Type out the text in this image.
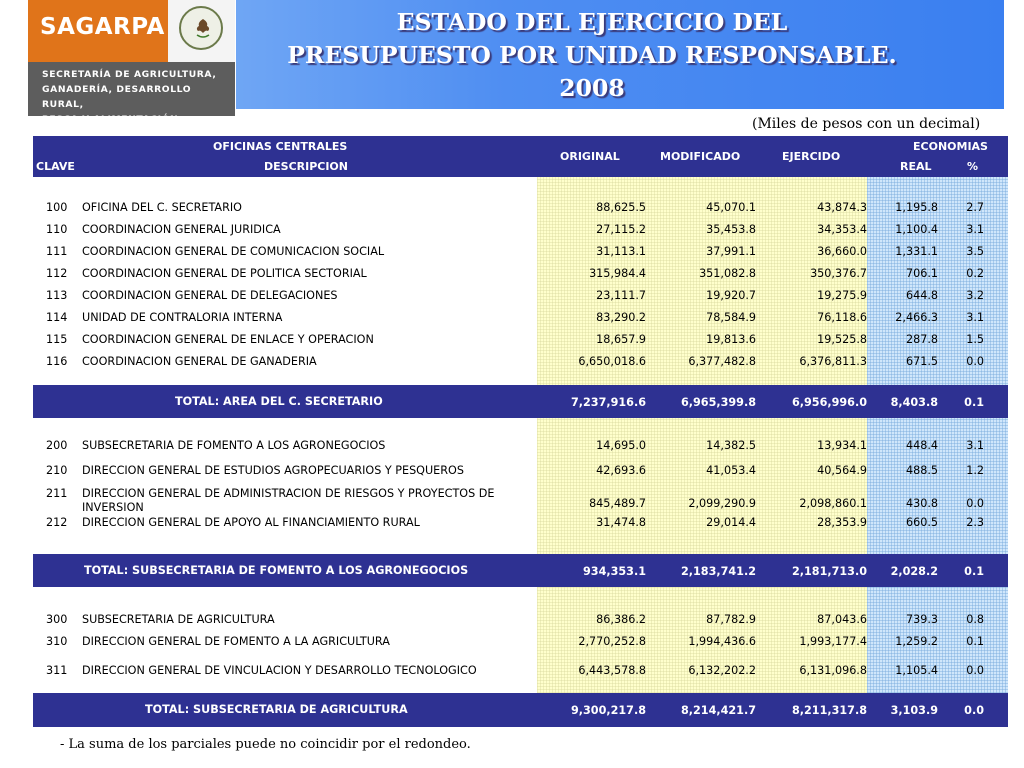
SAGARPA
SECRETARÍA DE AGRICULTURA,
GANADERÍA, DESARROLLO RURAL,
PESCA Y ALIMENTACIÓN
ESTADO DEL EJERCICIO DEL
PRESUPUESTO POR UNIDAD RESPONSABLE.
2008
(Miles de pesos con un decimal)
OFICINAS CENTRALES
CLAVE	DESCRIPCION
ORIGINAL	MODIFICADO	EJERCIDO
ECONOMIAS
REAL	%
100 OFICINA DEL C. SECRETARIO	88,625.5	45,070.1	43,874.3	1,195.8	2.7
110 COORDINACION GENERAL JURIDICA	27,115.2	35,453.8	34,353.4	1,100.4	3.1
111 COORDINACION GENERAL DE COMUNICACION SOCIAL	31,113.1	37,991.1	36,660.0	1,331.1	3.5
112 COORDINACION GENERAL DE POLITICA SECTORIAL	315,984.4	351,082.8	350,376.7	706.1	0.2
113 COORDINACION GENERAL DE DELEGACIONES	23,111.7	19,920.7	19,275.9	644.8	3.2
114 UNIDAD DE CONTRALORIA INTERNA	83,290.2	78,584.9	76,118.6	2,466.3	3.1
115 COORDINACION GENERAL DE ENLACE Y OPERACION	18,657.9	19,813.6	19,525.8	287.8	1.5
116 COORDINACION GENERAL DE GANADERIA	6,650,018.6	6,377,482.8	6,376,811.3	671.5	0.0
TOTAL: AREA DEL C. SECRETARIO	7,237,916.6	6,965,399.8	6,956,996.0 8,403.8 0.1
200 SUBSECRETARIA DE FOMENTO A LOS AGRONEGOCIOS	14,695.0	14,382.5	13,934.1	448.4	3.1
210 DIRECCION GENERAL DE ESTUDIOS AGROPECUARIOS Y PESQUEROS	42,693.6	41,053.4	40,564.9	488.5	1.2
211 DIRECCION GENERAL DE ADMINISTRACION DE RIESGOS Y PROYECTOS DE INVERSION	845,489.7	2,099,290.9	2,098,860.1	430.8	0.0
212 DIRECCION GENERAL DE APOYO AL FINANCIAMIENTO RURAL	31,474.8	29,014.4	28,353.9	660.5	2.3
TOTAL: SUBSECRETARIA DE FOMENTO A LOS AGRONEGOCIOS	934,353.1	2,183,741.2	2,181,713.0 2,028.2 0.1
300 SUBSECRETARIA DE AGRICULTURA	86,386.2	87,782.9	87,043.6	739.3	0.8
310 DIRECCION GENERAL DE FOMENTO A LA AGRICULTURA	2,770,252.8	1,994,436.6	1,993,177.4	1,259.2	0.1
311 DIRECCION GENERAL DE VINCULACION Y DESARROLLO TECNOLOGICO	6,443,578.8	6,132,202.2	6,131,096.8	1,105.4	0.0
TOTAL: SUBSECRETARIA DE AGRICULTURA	9,300,217.8	8,214,421.7	8,211,317.8 3,103.9 0.0
- La suma de los parciales puede no coincidir por el redondeo.
